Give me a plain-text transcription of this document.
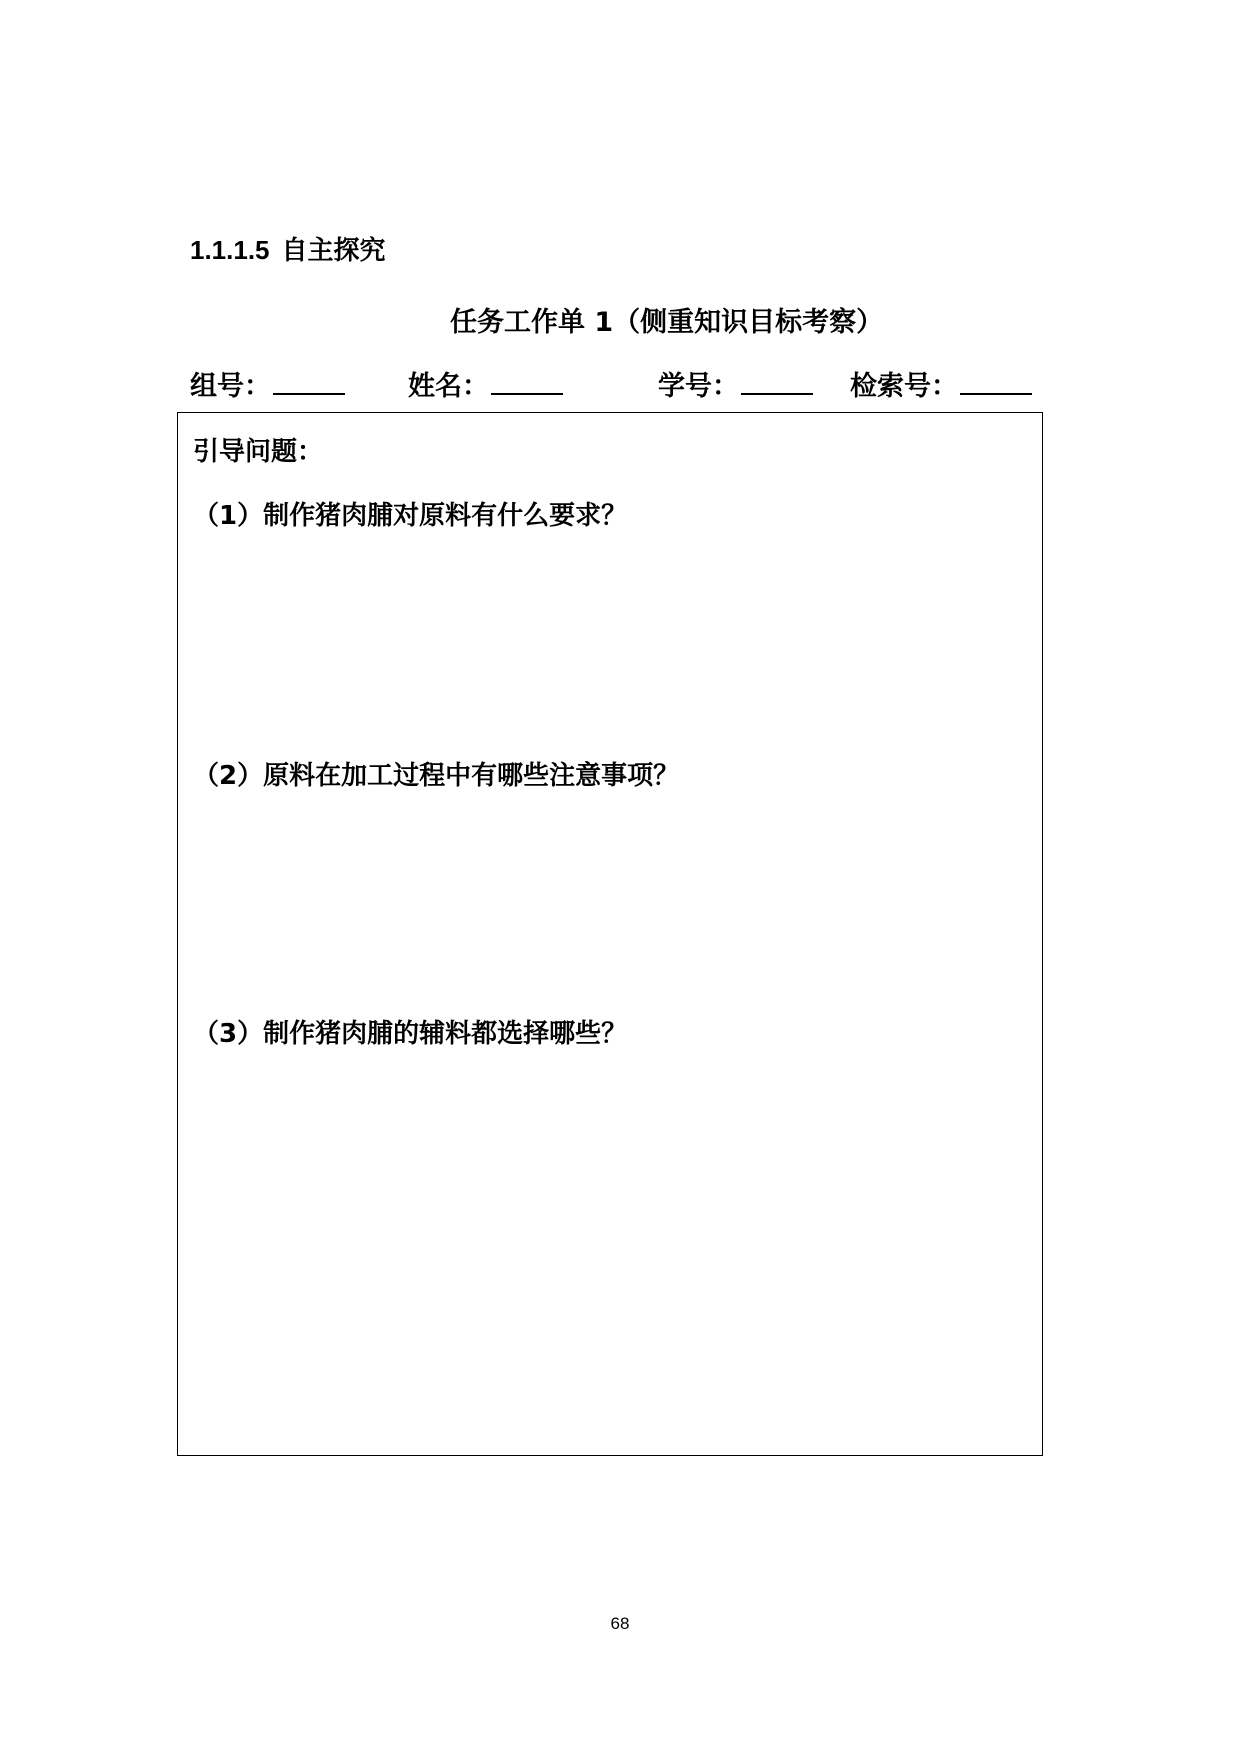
1.1.1.5 自主探究
任务工作单 1（侧重知识目标考察）
组号：	姓名：	学号：	检索号：
引导问题：
（1）制作猪肉脯对原料有什么要求？
（2）原料在加工过程中有哪些注意事项？
（3）制作猪肉脯的辅料都选择哪些？
68
